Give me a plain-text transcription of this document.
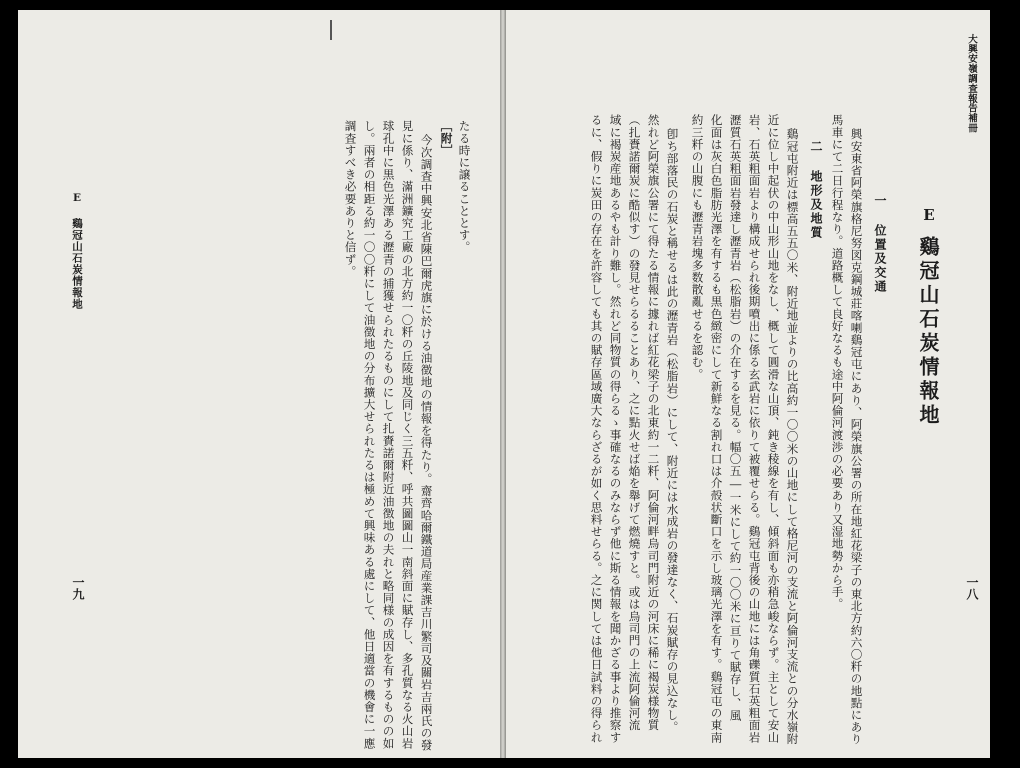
たる時に譲ることとす。

［附］

今次調査中興安北省陳巴爾虎旗に於ける油徴地の情報を得たり。齋齊哈爾鐵道局産業課吉川繁司及關岩吉兩氏の發

見に係り、滿洲鑛究工廠の北方約一〇粁の丘陵地及同じく三五粁、呼共圖圖山一南斜面に賦存し、多孔質なる火山岩

球孔中に黒色光澤ある瀝青の捕獲せられたるものにして扎賚諾爾附近油徴地の夫れと略同様の成因を有するものの如

し。兩者の相距る約一〇〇粁にして油徴地の分布擴大せられたるは極めて興味ある處にして、他日適當の機會に一應

調査すべき必要ありと信ず。

E 鷄冠山石炭情報地

一九

大興安嶺調査報告補冊

一八

E

鷄冠山石炭情報地

一 位置及交通

興安東省阿榮旗格尼努図克鋼城莊喀喇鷄冠屯にあり、阿榮旗公署の所在地紅花梁子の東北方約六〇粁の地點にあり

馬車にて二日行程なり。道路概して良好なるも途中阿倫河渡渉の必要あり又湿地勢から手。

二 地形及地質

鷄冠屯附近は標高五五〇米、附近地並よりの比高約一〇〇米の山地にして格尼河の支流と阿倫河支流との分水嶺附

近に位し中起伏の中山形山地をなし、概して圓滑な山頂、鈍き稜線を有し、傾斜面も亦稍急峻ならず。主として安山

岩、石英粗面岩より構成せられ後期噴出に係る玄武岩に依りて被覆せらる。鷄冠屯背後の山地には角礫質石英粗面岩

瀝質石英粗面岩發達し瀝青岩（松脂岩）の介在するを見る。幅〇五―一米にして約一〇〇米に亘りて賦存し、風

化面は灰白色脂肪光澤を有するも黒色緻密にして新鮮なる割れ口は介殻状斷口を示し玻璃光澤を有す。鷄冠屯の東南

約三粁の山腹にも瀝青岩塊多数散亂せるを認む。

卽ち部落民の石炭と稱せるは此の瀝青岩（松脂岩）にして、附近には水成岩の發達なく、石炭賦存の見込なし。

然れど阿榮旗公署にて得たる情報に據れば紅花梁子の北東約一二粁、阿倫河畔烏司門附近の河床に稀に褐炭様物質

（扎賚諾爾炭に酷似す）の發見せらるることあり、之に點火せば焔を舉げて燃燒すと。或は烏司門の上流阿倫河流

域に褐炭産地あるやも計り難し。然れど同物質の得らるゝ事確なるのみならず他に斯る情報を聞かざる事より推察す

るに、假りに炭田の存在を許容しても其の賦存區域廣大ならざるが如く思料せらる。之に関しては他日試料の得られ
